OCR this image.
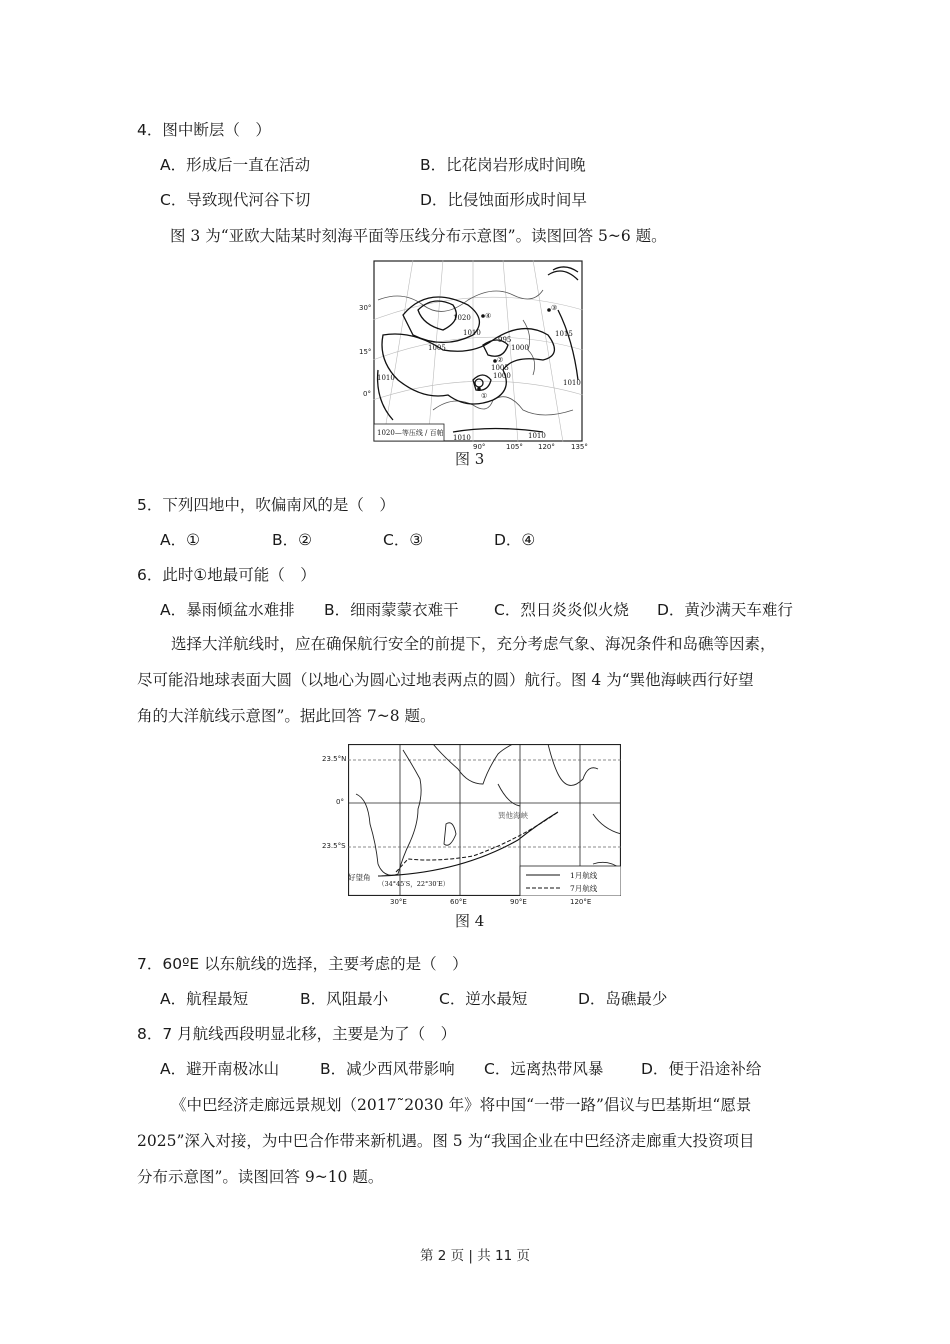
4．图中断层（　）
A．形成后一直在活动	B．比花岗岩形成时间晚
C．导致现代河谷下切	D．比侵蚀面形成时间早
图 3 为“亚欧大陆某时刻海平面等压线分布示意图”。读图回答 5~6 题。
①
②
③
④
1020
1010
1005	1000
995
1005
1000
1015
1010
1010
1010	1010
1020—等压线 / 百帕
30°
15°
0°
90°	105° 120° 135°
图 3
5．下列四地中，吹偏南风的是（　）
A．①	B．②	C．③	D．④
6．此时①地最可能（　）
A．暴雨倾盆水难排 B．细雨蒙蒙衣难干 C．烈日炎炎似火烧 D．黄沙满天车难行
选择大洋航线时，应在确保航行安全的前提下，充分考虑气象、海况条件和岛礁等因素，
尽可能沿地球表面大圆（以地心为圆心过地表两点的圆）航行。图 4 为“巽他海峡西行好望
角的大洋航线示意图”。据此回答 7~8 题。
1月航线
7月航线
巽他海峡
好望角
（34°45′S，22°30′E）
23.5°N
0°
23.5°S
30°E	60°E	90°E	120°E
图 4
7．60ºE 以东航线的选择，主要考虑的是（　）
A．航程最短	B．风阻最小	C．逆水最短	D．岛礁最少
8．7 月航线西段明显北移，主要是为了（　）
A．避开南极冰山	B．减少西风带影响 C．远离热带风暴 D．便于沿途补给
《中巴经济走廊远景规划（2017˜2030 年》将中国“一带一路”倡议与巴基斯坦“愿景
2025”深入对接，为中巴合作带来新机遇。图 5 为“我国企业在中巴经济走廊重大投资项目
分布示意图”。读图回答 9~10 题。
第 2 页 | 共 11 页
